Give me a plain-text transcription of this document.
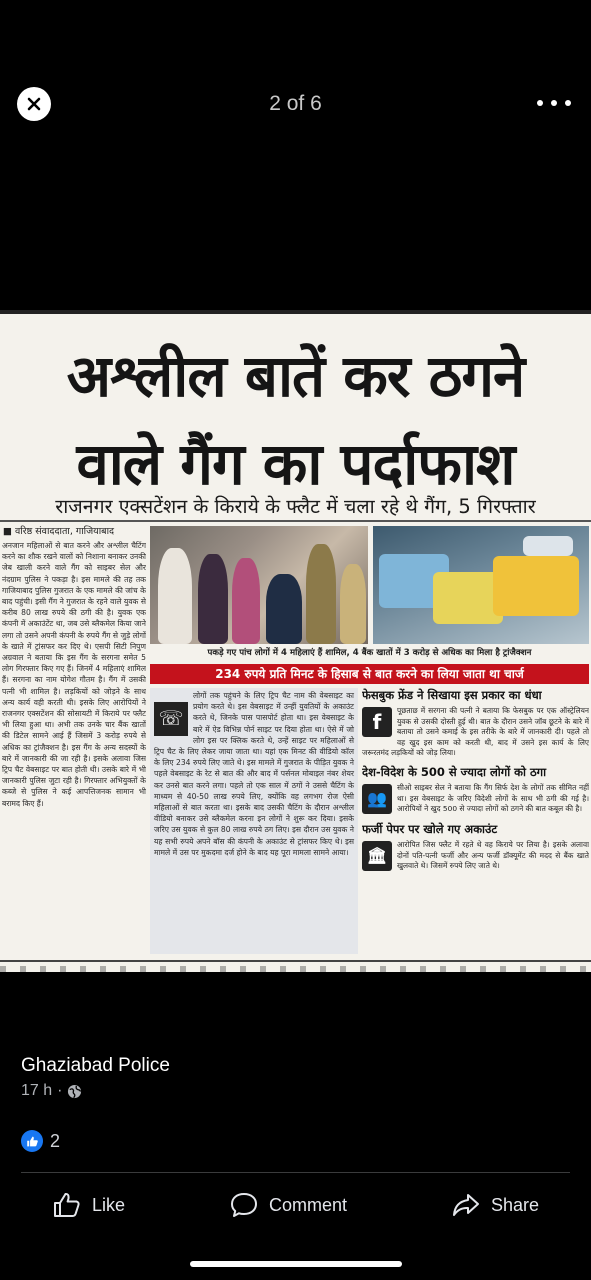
2 of 6
अश्लील बातें कर ठगने
वाले गैंग का पर्दाफाश
राजनगर एक्सटेंशन के किराये के फ्लैट में चला रहे थे गैंग, 5 गिरफ्तार
■ वरिष्ठ संवाददाता, गाजियाबाद
अनजान महिलाओं से बात करने और अश्लील चैटिंग करने का शौक रखने वालों को निशाना बनाकर उनकी जेब खाली करने वाले गैंग को साइबर सेल और नंदग्राम पुलिस ने पकड़ा है। इस मामले की तह तक गाजियाबाद पुलिस गुजरात के एक मामले की जांच के बाद पहुंची। इसी गैंग ने गुजरात के रहने वाले युवक से करीब 80 लाख रुपये की ठगी की है। युवक एक कंपनी में अकाउंटेंट था, जब उसे ब्लैकमेल किया जाने लगा तो उसने अपनी कंपनी के रुपये गैंग से जुड़े लोगों के खाते में ट्रांसफर कर दिए थे। एसपी सिटी निपुण अग्रवाल ने बताया कि इस गैंग के सरगना समेत 5 लोग गिरफ्तार किए गए हैं। जिनमें 4 महिलाएं शामिल हैं। सरगना का नाम योगेश गौतम है। गैंग में उसकी पत्नी भी शामिल है। लड़कियों को जोड़ने के साथ अन्य कार्य वही करती थी। इसके लिए आरोपियों ने राजनगर एक्सटेंशन की सोसायटी में किराये पर फ्लैट भी लिया हुआ था। अभी तक उनके चार बैंक खातों की डिटेल सामने आई हैं जिसमें 3 करोड़ रुपये से अधिक का ट्रांजैक्शन है। इस गैंग के अन्य सदस्यों के बारे में जानकारी की जा रही है। इसके अलावा जिस ट्रिप चैट वेबसाइट पर बात होती थी। उसके बारे में भी जानकारी पुलिस जुटा रही है। गिरफ्तार अभियुक्तों के कब्जे से पुलिस ने कई आपत्तिजनक सामान भी बरामद किए हैं।
पकड़े गए पांच लोगों में 4 महिलाएं हैं शामिल, 4 बैंक खातों में 3 करोड़ से अधिक का मिला है ट्रांजैक्शन
234 रुपये प्रति मिनट के हिसाब से बात करने का लिया जाता था चार्ज
☏
लोगों तक पहुंचने के लिए ट्रिप चैट नाम की वेबसाइट का प्रयोग करते थे। इस वेबसाइट में उन्हीं युवतियों के अकाउंट करते थे, जिनके पास पासपोर्ट होता था। इस वेबसाइट के बारे में ऐड विभिन्न पोर्न साइट पर दिया होता था। ऐसे में जो लोग इस पर क्लिक करते थे, उन्हें साइट पर महिलाओं से ट्रिप चैट के लिए लेकर जाया जाता था। यहां एक मिनट की वीडियो कॉल के लिए 234 रुपये लिए जाते थे। इस मामले में गुजरात के पीड़ित युवक ने पहले वेबसाइट के रेट से बात की और बाद में पर्सनल मोबाइल नंबर शेयर कर उनसे बात करने लगा। पहले तो एक साल में ठगों ने उससे चैटिंग के माध्यम से 40-50 लाख रुपये लिए, क्योंकि वह लगभग रोज ऐसी महिलाओं से बात करता था। इसके बाद उसकी चैटिंग के दौरान अश्लील वीडियो बनाकर उसे ब्लैकमेल करना इन लोगों ने शुरू कर दिया। इसके जरिए उस युवक से कुल 80 लाख रुपये ठग लिए। इस दौरान उस युवक ने यह सभी रुपये अपने बॉस की कंपनी के अकाउंट से ट्रांसफर किए थे। इस मामले में उस पर मुकदमा दर्ज होने के बाद यह पूरा मामला सामने आया।
फेसबुक फ्रेंड ने सिखाया इस प्रकार का धंधा
f	पूछताछ में सरगना की पत्नी ने बताया कि फेसबुक पर एक ऑस्ट्रेलियन युवक से उसकी दोस्ती हुई थी। बात के दौरान उसने जॉब छूटने के बारे में बताया तो उसने कमाई के इस तरीके के बारे में जानकारी दी। पहले तो वह खुद इस काम को करती थी, बाद में उसने इस कार्य के लिए जरूरतमंद लड़कियों को जोड़ लिया।
देश-विदेश के 500 से ज्यादा लोगों को ठगा
👥
सीओ साइबर सेल ने बताया कि गैंग सिर्फ देश के लोगों तक सीमित नहीं था। इस वेबसाइट के जरिए विदेशी लोगों के साथ भी ठगी की गई है। आरोपियों ने खुद 500 से ज्यादा लोगों को ठगने की बात कबूल की है।
फर्जी पेपर पर खोले गए अकाउंट
🏛
आरोपित जिस फ्लैट में रहते थे वह किराये पर लिया है। इसके अलावा दोनों पति-पत्नी फर्जी और अन्य फर्जी डॉक्यूमेंट की मदद से बैंक खाते खुलवाते थे। जिसमें रुपये लिए जाते थे।
Ghaziabad Police
17 h ·
2
Like	Comment	Share
